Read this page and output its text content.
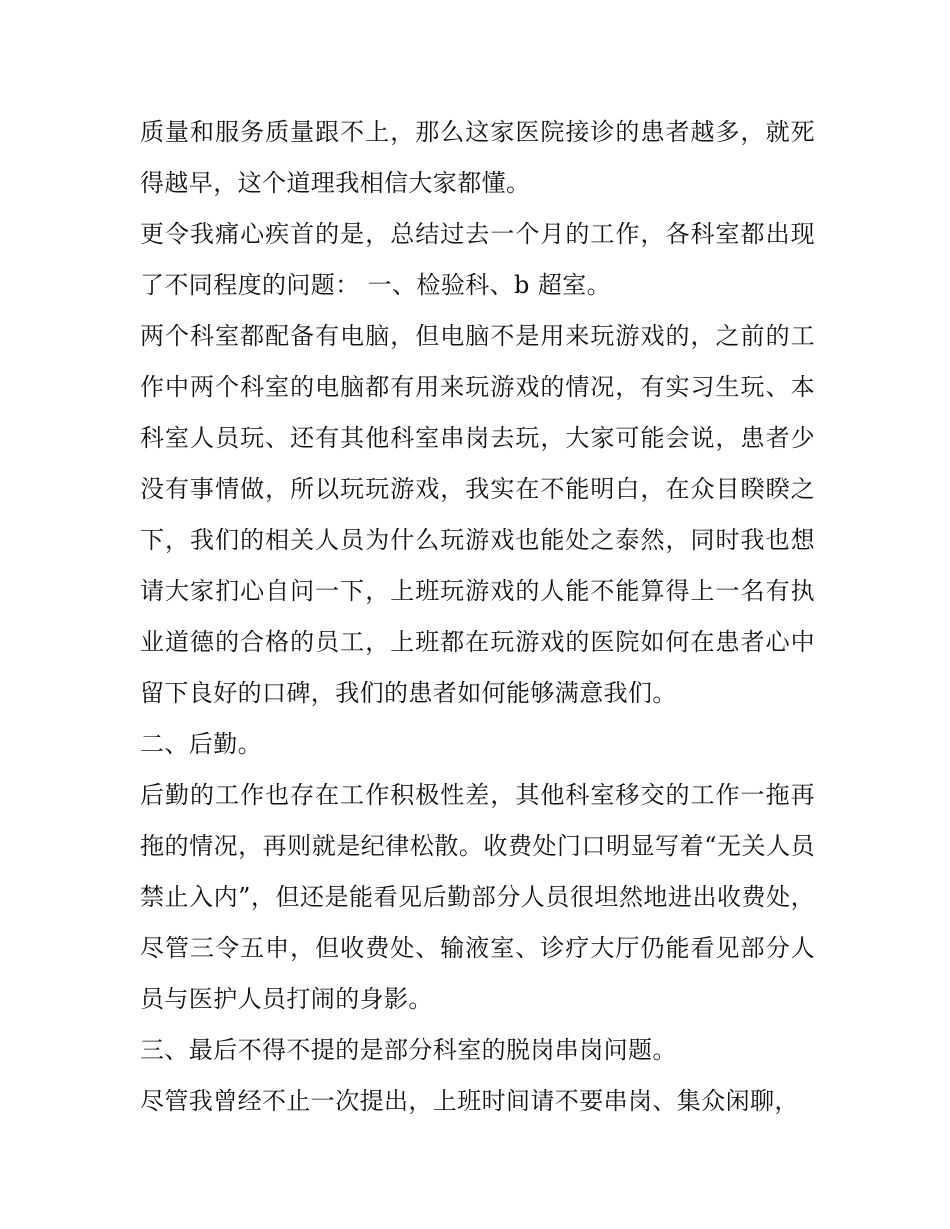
质量和服务质量跟不上，那么这家医院接诊的患者越多，就死得越早，这个道理我相信大家都懂。

更令我痛心疾首的是，总结过去一个月的工作，各科室都出现了不同程度的问题： 一、检验科、b 超室。

两个科室都配备有电脑，但电脑不是用来玩游戏的，之前的工作中两个科室的电脑都有用来玩游戏的情况，有实习生玩、本科室人员玩、还有其他科室串岗去玩，大家可能会说，患者少没有事情做，所以玩玩游戏，我实在不能明白，在众目睽睽之下，我们的相关人员为什么玩游戏也能处之泰然，同时我也想请大家扪心自问一下，上班玩游戏的人能不能算得上一名有执业道德的合格的员工，上班都在玩游戏的医院如何在患者心中留下良好的口碑，我们的患者如何能够满意我们。

二、后勤。

后勤的工作也存在工作积极性差，其他科室移交的工作一拖再拖的情况，再则就是纪律松散。收费处门口明显写着“无关人员禁止入内”，但还是能看见后勤部分人员很坦然地进出收费处，尽管三令五申，但收费处、输液室、诊疗大厅仍能看见部分人员与医护人员打闹的身影。

三、最后不得不提的是部分科室的脱岗串岗问题。

尽管我曾经不止一次提出，上班时间请不要串岗、集众闲聊，
